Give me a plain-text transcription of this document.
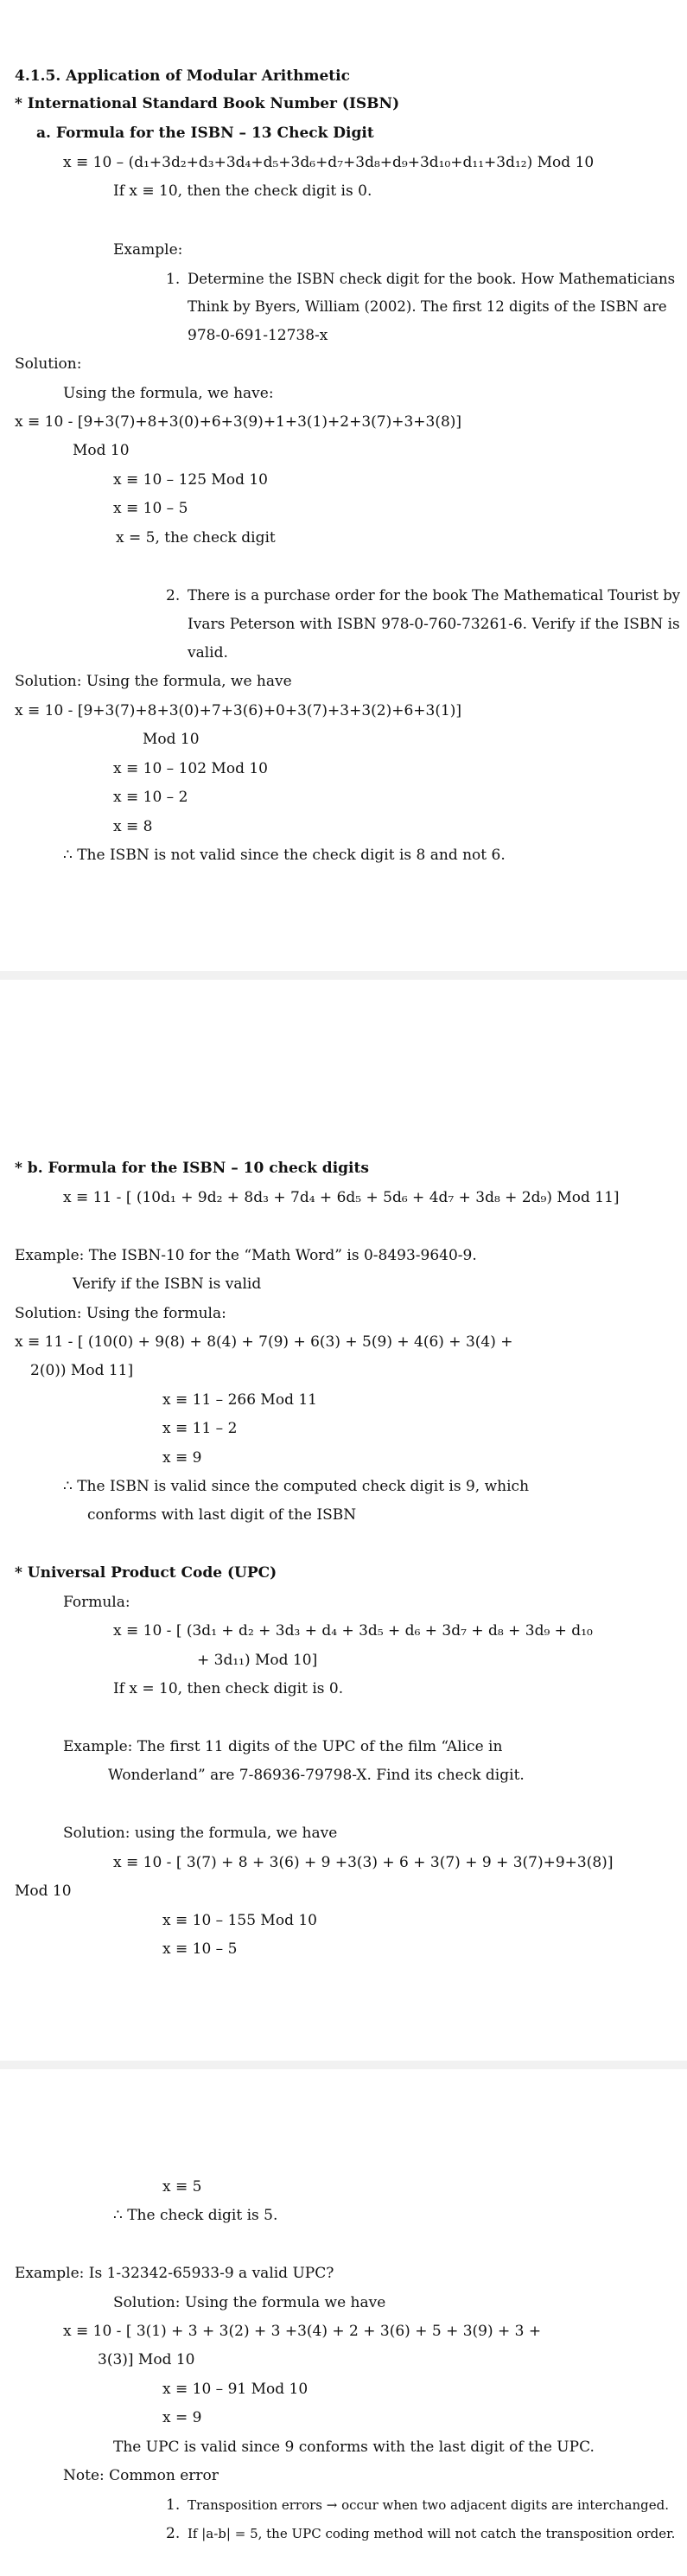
4.1.5. Application of Modular Arithmetic
* International Standard Book Number (ISBN)
a. Formula for the ISBN – 13 Check Digit
x ≡ 10 – (d₁+3d₂+d₃+3d₄+d₅+3d₆+d₇+3d₈+d₉+3d₁₀+d₁₁+3d₁₂) Mod 10
If x ≡ 10, then the check digit is 0.
Example:
1. Determine the ISBN check digit for the book. How Mathematicians
Think by Byers, William (2002). The first 12 digits of the ISBN are
978-0-691-12738-x
Solution:
Using the formula, we have:
x ≡ 10 - [9+3(7)+8+3(0)+6+3(9)+1+3(1)+2+3(7)+3+3(8)]
Mod 10
x ≡ 10 – 125 Mod 10
x ≡ 10 – 5
x = 5, the check digit
2. There is a purchase order for the book The Mathematical Tourist by
Ivars Peterson with ISBN 978-0-760-73261-6. Verify if the ISBN is
valid.
Solution: Using the formula, we have
x ≡ 10 - [9+3(7)+8+3(0)+7+3(6)+0+3(7)+3+3(2)+6+3(1)]
Mod 10
x ≡ 10 – 102 Mod 10
x ≡ 10 – 2
x ≡ 8
∴ The ISBN is not valid since the check digit is 8 and not 6.
* b. Formula for the ISBN – 10 check digits
x ≡ 11 - [ (10d₁ + 9d₂ + 8d₃ + 7d₄ + 6d₅ + 5d₆ + 4d₇ + 3d₈ + 2d₉) Mod 11]
Example: The ISBN-10 for the “Math Word” is 0-8493-9640-9.
Verify if the ISBN is valid
Solution: Using the formula:
x ≡ 11 - [ (10(0) + 9(8) + 8(4) + 7(9) + 6(3) + 5(9) + 4(6) + 3(4) +
2(0)) Mod 11]
x ≡ 11 – 266 Mod 11
x ≡ 11 – 2
x ≡ 9
∴ The ISBN is valid since the computed check digit is 9, which
conforms with last digit of the ISBN
* Universal Product Code (UPC)
Formula:
x ≡ 10 - [ (3d₁ + d₂ + 3d₃ + d₄ + 3d₅ + d₆ + 3d₇ + d₈ + 3d₉ + d₁₀
+ 3d₁₁) Mod 10]
If x = 10, then check digit is 0.
Example: The first 11 digits of the UPC of the film “Alice in
Wonderland” are 7-86936-79798-X. Find its check digit.
Solution: using the formula, we have
x ≡ 10 - [ 3(7) + 8 + 3(6) + 9 +3(3) + 6 + 3(7) + 9 + 3(7)+9+3(8)]
Mod 10
x ≡ 10 – 155 Mod 10
x ≡ 10 – 5
x ≡ 5
∴ The check digit is 5.
Example: Is 1-32342-65933-9 a valid UPC?
Solution: Using the formula we have
x ≡ 10 - [ 3(1) + 3 + 3(2) + 3 +3(4) + 2 + 3(6) + 5 + 3(9) + 3 +
3(3)] Mod 10
x ≡ 10 – 91 Mod 10
x = 9
The UPC is valid since 9 conforms with the last digit of the UPC.
Note: Common error
1. Transposition errors → occur when two adjacent digits are interchanged.
2. If |a-b| = 5, the UPC coding method will not catch the transposition order.
